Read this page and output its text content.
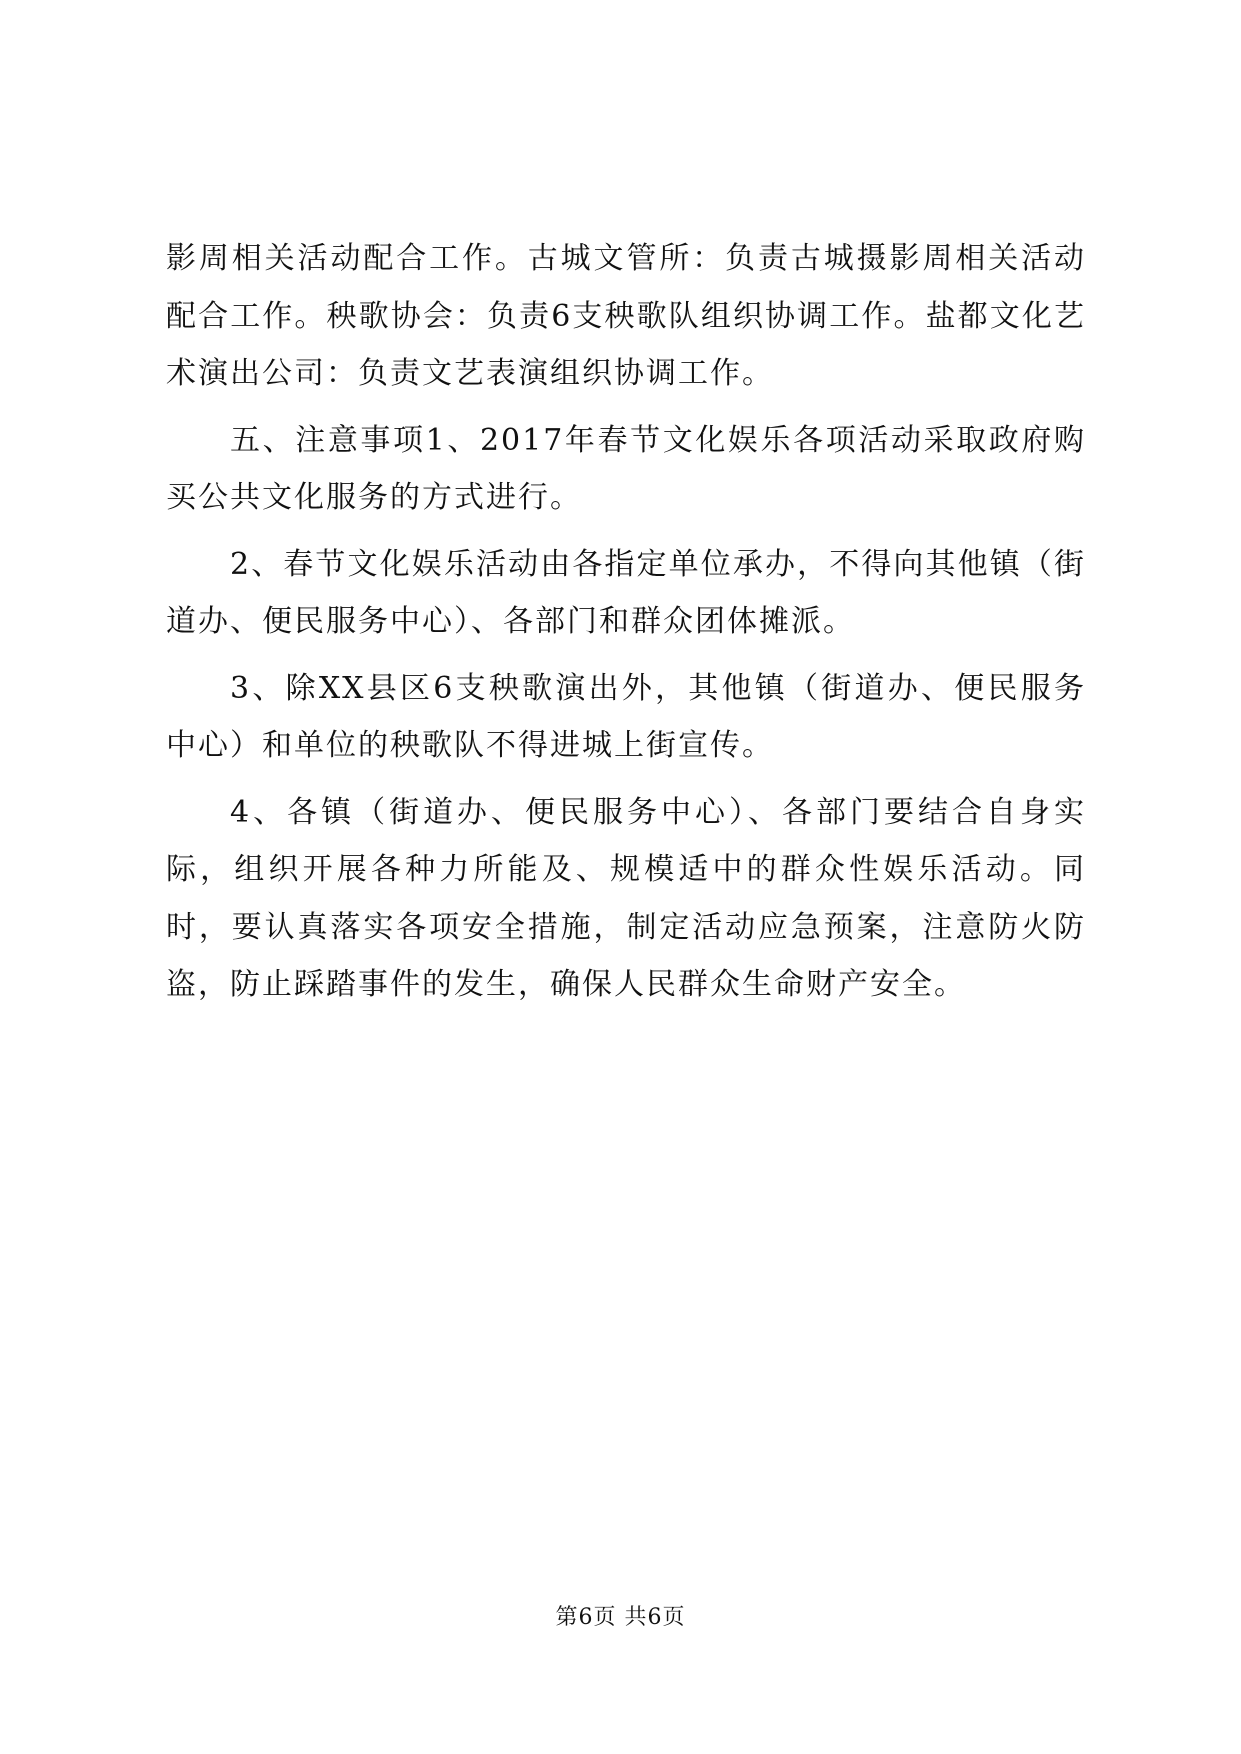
影周相关活动配合工作。古城文管所：负责古城摄影周相关活动配合工作。秧歌协会：负责6支秧歌队组织协调工作。盐都文化艺术演出公司：负责文艺表演组织协调工作。

五、注意事项1、2017年春节文化娱乐各项活动采取政府购买公共文化服务的方式进行。

2、春节文化娱乐活动由各指定单位承办，不得向其他镇（街道办、便民服务中心）、各部门和群众团体摊派。

3、除XX县区6支秧歌演出外，其他镇（街道办、便民服务中心）和单位的秧歌队不得进城上街宣传。

4、各镇（街道办、便民服务中心）、各部门要结合自身实际，组织开展各种力所能及、规模适中的群众性娱乐活动。同时，要认真落实各项安全措施，制定活动应急预案，注意防火防盗，防止踩踏事件的发生，确保人民群众生命财产安全。

第6页 共6页
